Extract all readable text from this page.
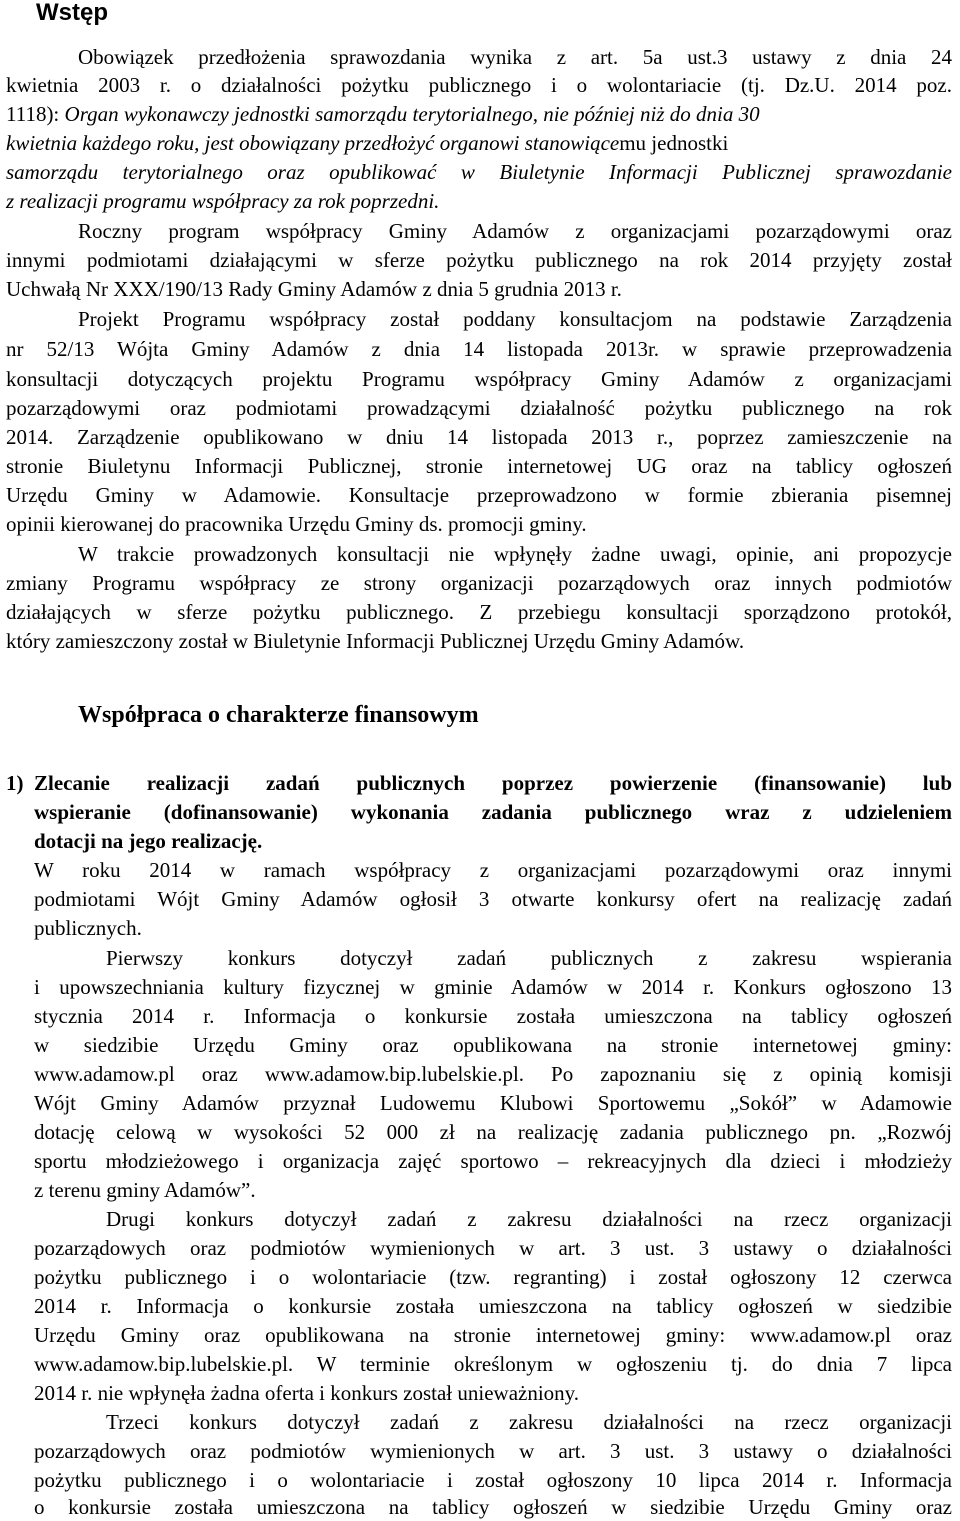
Wstęp
Obowiązek przedłożenia sprawozdania wynika z art. 5a ust.3 ustawy z dnia 24
kwietnia 2003 r. o działalności pożytku publicznego i o wolontariacie (tj. Dz.U. 2014 poz.
1118): Organ wykonawczy jednostki samorządu terytorialnego, nie później niż do dnia 30
kwietnia każdego roku, jest obowiązany przedłożyć organowi stanowiącemu jednostki
samorządu terytorialnego oraz opublikować w Biuletynie Informacji Publicznej sprawozdanie
z realizacji programu współpracy za rok poprzedni.
Roczny program współpracy Gminy Adamów z organizacjami pozarządowymi oraz
innymi podmiotami działającymi w sferze pożytku publicznego na rok 2014 przyjęty został
Uchwałą Nr XXX/190/13 Rady Gminy Adamów z dnia 5 grudnia 2013 r.
Projekt Programu współpracy został poddany konsultacjom na podstawie Zarządzenia
nr 52/13 Wójta Gminy Adamów z dnia 14 listopada 2013r. w sprawie przeprowadzenia
konsultacji dotyczących projektu Programu współpracy Gminy Adamów z organizacjami
pozarządowymi oraz podmiotami prowadzącymi działalność pożytku publicznego na rok
2014. Zarządzenie opublikowano w dniu 14 listopada 2013 r., poprzez zamieszczenie na
stronie Biuletynu Informacji Publicznej, stronie internetowej UG oraz na tablicy ogłoszeń
Urzędu Gminy w Adamowie. Konsultacje przeprowadzono w formie zbierania pisemnej
opinii kierowanej do pracownika Urzędu Gminy ds. promocji gminy.
W trakcie prowadzonych konsultacji nie wpłynęły żadne uwagi, opinie, ani propozycje
zmiany Programu współpracy ze strony organizacji pozarządowych oraz innych podmiotów
działających w sferze pożytku publicznego. Z przebiegu konsultacji sporządzono protokół,
który zamieszczony został w Biuletynie Informacji Publicznej Urzędu Gminy Adamów.
Współpraca o charakterze finansowym
1) Zlecanie realizacji zadań publicznych poprzez powierzenie (finansowanie) lub
wspieranie (dofinansowanie) wykonania zadania publicznego wraz z udzieleniem
dotacji na jego realizację.
W roku 2014 w ramach współpracy z organizacjami pozarządowymi oraz innymi
podmiotami Wójt Gminy Adamów ogłosił 3 otwarte konkursy ofert na realizację zadań
publicznych.
Pierwszy konkurs dotyczył zadań publicznych z zakresu wspierania
i upowszechniania kultury fizycznej w gminie Adamów w 2014 r. Konkurs ogłoszono 13
stycznia 2014 r. Informacja o konkursie została umieszczona na tablicy ogłoszeń
w siedzibie Urzędu Gminy oraz opublikowana na stronie internetowej gminy:
www.adamow.pl oraz www.adamow.bip.lubelskie.pl. Po zapoznaniu się z opinią komisji
Wójt Gminy Adamów przyznał Ludowemu Klubowi Sportowemu „Sokół” w Adamowie
dotację celową w wysokości 52 000 zł na realizację zadania publicznego pn. „Rozwój
sportu młodzieżowego i organizacja zajęć sportowo – rekreacyjnych dla dzieci i młodzieży
z terenu gminy Adamów”.
Drugi konkurs dotyczył zadań z zakresu działalności na rzecz organizacji
pozarządowych oraz podmiotów wymienionych w art. 3 ust. 3 ustawy o działalności
pożytku publicznego i o wolontariacie (tzw. regranting) i został ogłoszony 12 czerwca
2014 r. Informacja o konkursie została umieszczona na tablicy ogłoszeń w siedzibie
Urzędu Gminy oraz opublikowana na stronie internetowej gminy: www.adamow.pl oraz
www.adamow.bip.lubelskie.pl. W terminie określonym w ogłoszeniu tj. do dnia 7 lipca
2014 r. nie wpłynęła żadna oferta i konkurs został unieważniony.
Trzeci konkurs dotyczył zadań z zakresu działalności na rzecz organizacji
pozarządowych oraz podmiotów wymienionych w art. 3 ust. 3 ustawy o działalności
pożytku publicznego i o wolontariacie i został ogłoszony 10 lipca 2014 r. Informacja
o konkursie została umieszczona na tablicy ogłoszeń w siedzibie Urzędu Gminy oraz
